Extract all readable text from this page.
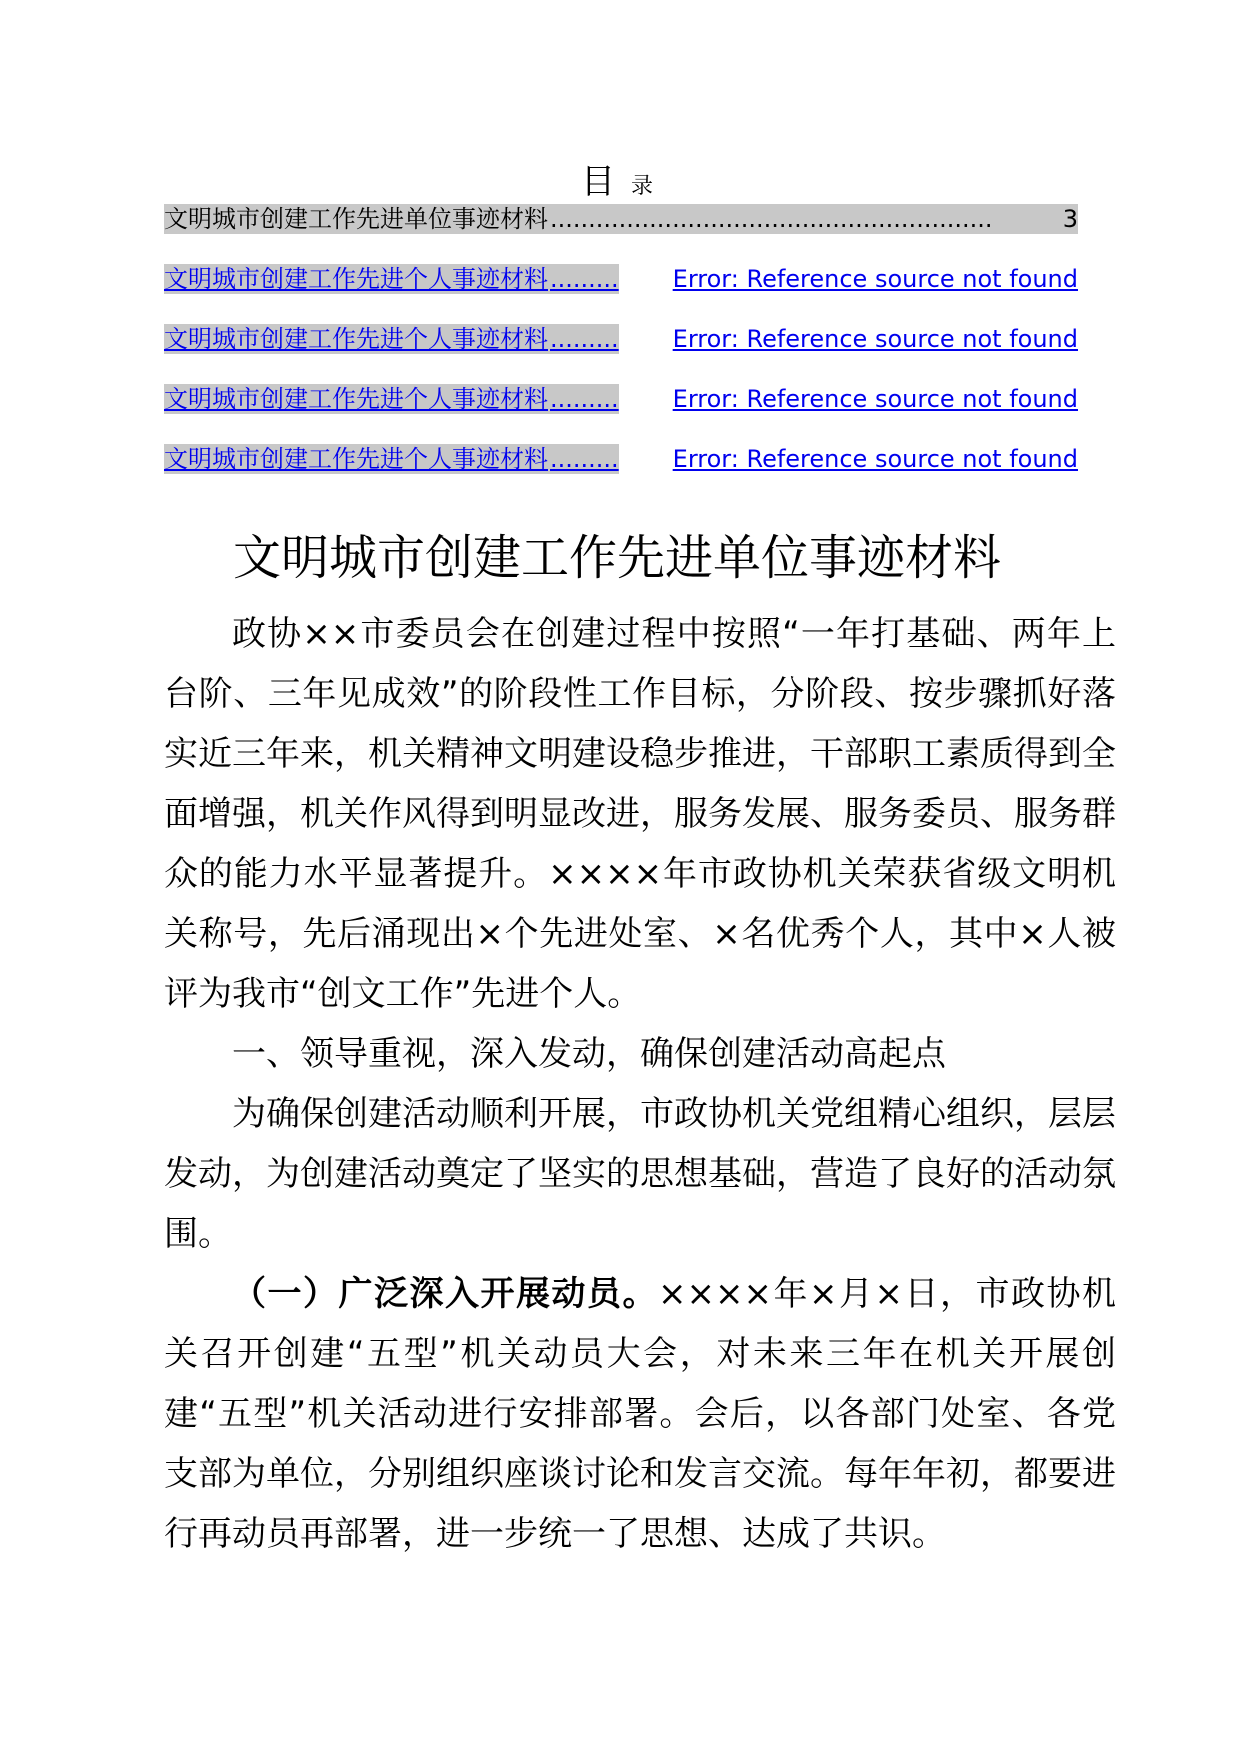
目录
文明城市创建工作先进单位事迹材料 ..........................................................	3
文明城市创建工作先进个人事迹材料 ......... Error: Reference source not found
文明城市创建工作先进个人事迹材料 ......... Error: Reference source not found
文明城市创建工作先进个人事迹材料 ......... Error: Reference source not found
文明城市创建工作先进个人事迹材料 ......... Error: Reference source not found
文明城市创建工作先进单位事迹材料

政协××市委员会在创建过程中按照“一年打基础、两年上台阶、三年见成效”的阶段性工作目标，分阶段、按步骤抓好落实近三年来，机关精神文明建设稳步推进，干部职工素质得到全面增强，机关作风得到明显改进，服务发展、服务委员、服务群众的能力水平显著提升。××××年市政协机关荣获省级文明机关称号，先后涌现出×个先进处室、×名优秀个人，其中×人被评为我市“创文工作”先进个人。

一、领导重视，深入发动，确保创建活动高起点

为确保创建活动顺利开展，市政协机关党组精心组织，层层发动，为创建活动奠定了坚实的思想基础，营造了良好的活动氛围。

（一）广泛深入开展动员。××××年×月×日，市政协机关召开创建“五型”机关动员大会，对未来三年在机关开展创建“五型”机关活动进行安排部署。会后，以各部门处室、各党支部为单位，分别组织座谈讨论和发言交流。每年年初，都要进行再动员再部署，进一步统一了思想、达成了共识。
